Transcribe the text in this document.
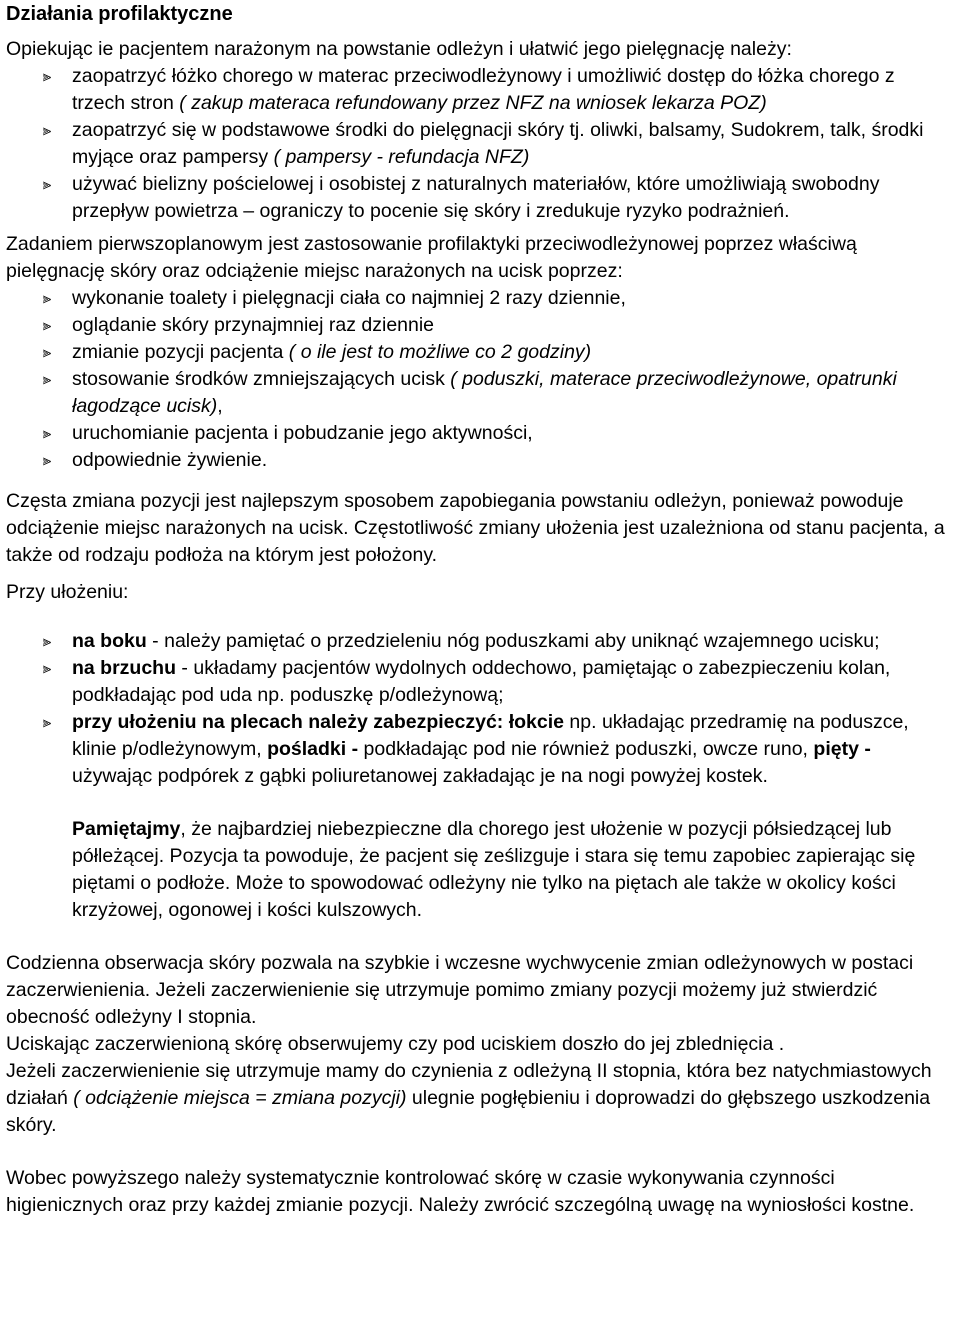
Działania profilaktyczne

Opiekując ie pacjentem narażonym na powstanie odleżyn i ułatwić jego pielęgnację należy:

⫸ zaopatrzyć łóżko chorego w materac przeciwodleżynowy i umożliwić dostęp do łóżka chorego z trzech stron ( zakup materaca refundowany przez NFZ na wniosek lekarza POZ)
⫸ zaopatrzyć się w podstawowe środki do pielęgnacji skóry tj. oliwki, balsamy, Sudokrem, talk, środki myjące oraz pampersy ( pampersy - refundacja NFZ)
⫸ używać bielizny pościelowej i osobistej z naturalnych materiałów, które umożliwiają swobodny przepływ powietrza – ograniczy to pocenie się skóry i zredukuje ryzyko podrażnień.

Zadaniem pierwszoplanowym jest zastosowanie profilaktyki przeciwodleżynowej poprzez właściwą pielęgnację skóry oraz odciążenie miejsc narażonych na ucisk poprzez:

⫸ wykonanie toalety i pielęgnacji ciała co najmniej 2 razy dziennie,
⫸ oglądanie skóry przynajmniej raz dziennie
⫸ zmianie pozycji pacjenta ( o ile jest to możliwe co 2 godziny)
⫸ stosowanie środków zmniejszających ucisk ( poduszki, materace przeciwodleżynowe, opatrunki łagodzące ucisk),
⫸ uruchomianie pacjenta i pobudzanie jego aktywności,
⫸ odpowiednie żywienie.

Częsta zmiana pozycji jest najlepszym sposobem zapobiegania powstaniu odleżyn, ponieważ powoduje odciążenie miejsc narażonych na ucisk. Częstotliwość zmiany ułożenia jest uzależniona od stanu pacjenta, a także od rodzaju podłoża na którym jest położony.

Przy ułożeniu:

⫸ na boku - należy pamiętać o przedzieleniu nóg poduszkami aby uniknąć wzajemnego ucisku;
⫸ na brzuchu - układamy pacjentów wydolnych oddechowo, pamiętając o zabezpieczeniu kolan, podkładając pod uda np. poduszkę p/odleżynową;
⫸ przy ułożeniu na plecach należy zabezpieczyć: łokcie np. układając przedramię na poduszce, klinie p/odleżynowym, pośladki - podkładając pod nie również poduszki, owcze runo, pięty - używając podpórek z gąbki poliuretanowej zakładając je na nogi powyżej kostek.

Pamiętajmy, że najbardziej niebezpieczne dla chorego jest ułożenie w pozycji półsiedzącej lub półleżącej. Pozycja ta powoduje, że pacjent się ześlizguje i stara się temu zapobiec zapierając się piętami o podłoże. Może to spowodować odleżyny nie tylko na piętach ale także w okolicy kości krzyżowej, ogonowej i kości kulszowych.

Codzienna obserwacja skóry pozwala na szybkie i wczesne wychwycenie zmian odleżynowych w postaci zaczerwienienia. Jeżeli zaczerwienienie się utrzymuje pomimo zmiany pozycji możemy już stwierdzić obecność odleżyny I stopnia.
Uciskając zaczerwienioną skórę obserwujemy czy pod uciskiem doszło do jej zblednięcia .
Jeżeli zaczerwienienie się utrzymuje mamy do czynienia z odleżyną II stopnia, która bez natychmiastowych działań ( odciążenie miejsca = zmiana pozycji) ulegnie pogłębieniu i doprowadzi do głębszego uszkodzenia skóry.

Wobec powyższego należy systematycznie kontrolować skórę w czasie wykonywania czynności higienicznych oraz przy każdej zmianie pozycji. Należy zwrócić szczególną uwagę na wyniosłości kostne.
